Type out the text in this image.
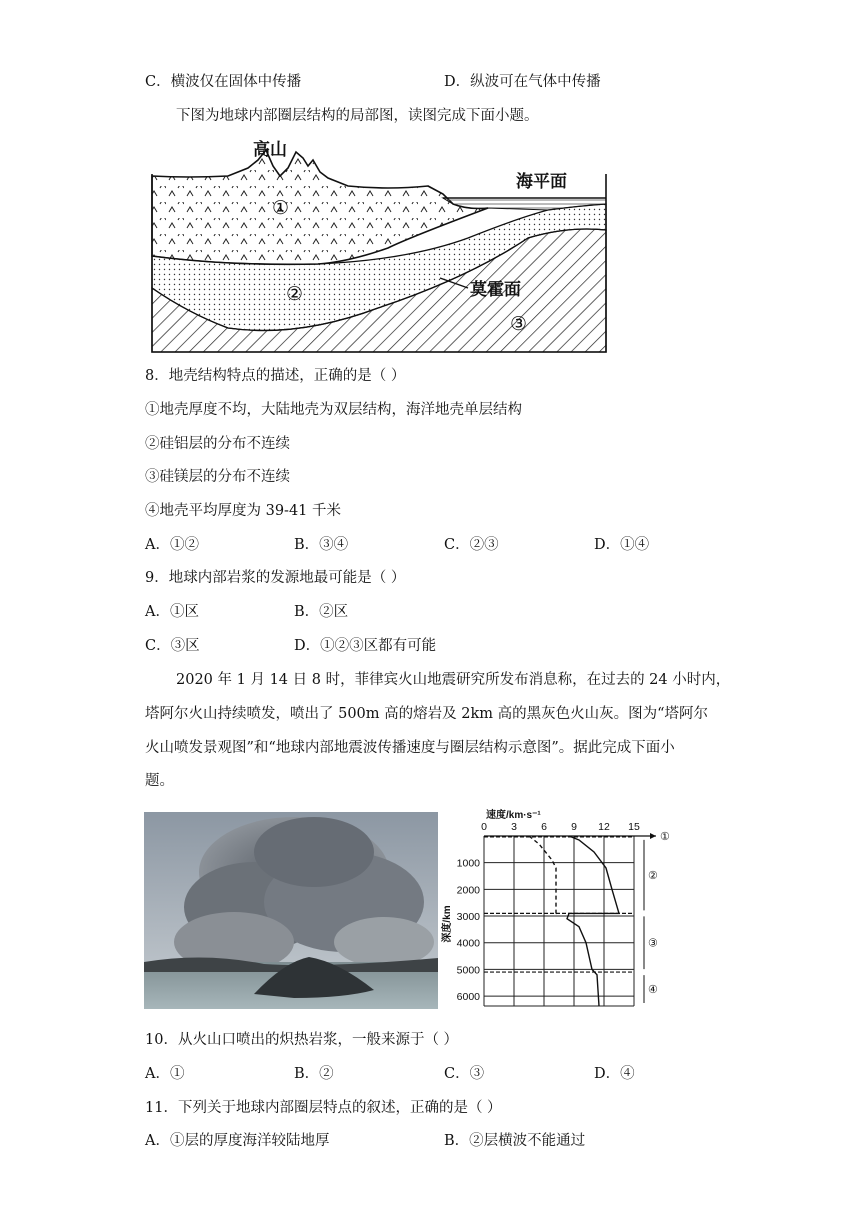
C．横波仅在固体中传播	D．纵波可在气体中传播
下图为地球内部圈层结构的局部图，读图完成下面小题。
高山
海平面
莫霍面
①
②
③
8．地壳结构特点的描述，正确的是（ ）
①地壳厚度不均，大陆地壳为双层结构，海洋地壳单层结构
②硅铝层的分布不连续
③硅镁层的分布不连续
④地壳平均厚度为 39-41 千米
A．①②	B．③④	C．②③	D．①④
9．地球内部岩浆的发源地最可能是（ ）
A．①区	B．②区
C．③区	D．①②③区都有可能
2020 年 1 月 14 日 8 时，菲律宾火山地震研究所发布消息称，在过去的 24 小时内，
塔阿尔火山持续喷发，喷出了 500m 高的熔岩及 2km 高的黑灰色火山灰。图为“塔阿尔
火山喷发景观图”和“地球内部地震波传播速度与圈层结构示意图”。据此完成下面小
题。
0 3 6 9 12 15
1000
2000
3000
4000
5000
6000
速度/km·s⁻¹
深度/km
①
②
③
④
10．从火山口喷出的炽热岩浆，一般来源于（ ）
A．①	B．②	C．③	D．④
11．下列关于地球内部圈层特点的叙述，正确的是（ ）
A．①层的厚度海洋较陆地厚	B．②层横波不能通过
